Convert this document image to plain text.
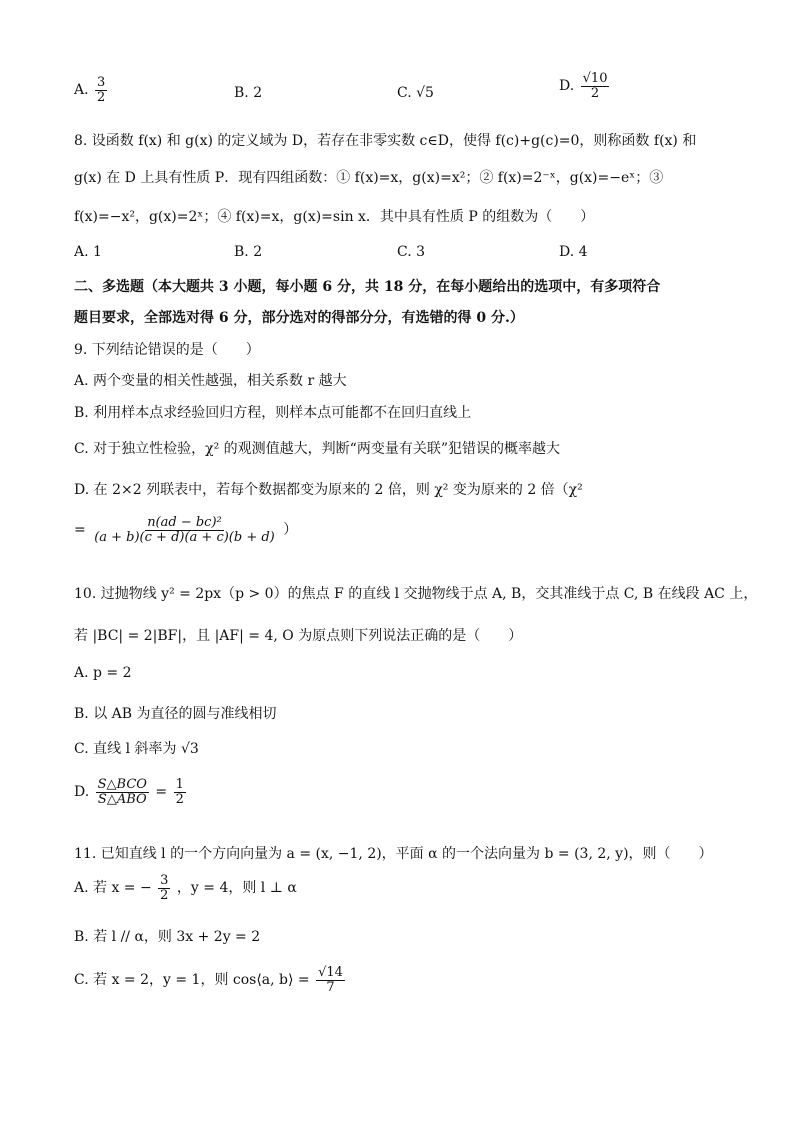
A. $\frac{3}{2}$	B. 2	C. √5	D. $\frac{√10}{2}$
8. 设函数 f(x) 和 g(x) 的定义域为 D，若存在非零实数 c∈D，使得 f(c)+g(c)=0，则称函数 f(x) 和
g(x) 在 D 上具有性质 P．现有四组函数：① f(x)=x，g(x)=x²；② f(x)=2⁻ˣ，g(x)=−eˣ；③
f(x)=−x²，g(x)=2ˣ；④ f(x)=x，g(x)=sin x．其中具有性质 P 的组数为（　　）
A. 1	B. 2	C. 3	D. 4
二、多选题（本大题共 3 小题，每小题 6 分，共 18 分，在每小题给出的选项中，有多项符合
题目要求，全部选对得 6 分，部分选对的得部分分，有选错的得 0 分.）
9. 下列结论错误的是（　　）
A. 两个变量的相关性越强，相关系数 r 越大
B. 利用样本点求经验回归方程，则样本点可能都不在回归直线上
C. 对于独立性检验，χ² 的观测值越大，判断“两变量有关联”犯错误的概率越大
D. 在 2×2 列联表中，若每个数据都变为原来的 2 倍，则 χ² 变为原来的 2 倍（χ²
= $\frac{\text{n(ad − bc)²}}{(a + b)(c + d)(a + c)(b + d)}$ ）
10. 过抛物线 y² = 2px（p > 0）的焦点 F 的直线 l 交抛物线于点 A, B，交其准线于点 C, B 在线段 AC 上，
若 |BC| = 2|BF|，且 |AF| = 4, O 为原点则下列说法正确的是（　　）
A. p = 2
B. 以 AB 为直径的圆与准线相切
C. 直线 l 斜率为 √3
D. $\frac{\text{S△BCO}}{\text{S△ABO}} = \frac{1}{2}$
11. 已知直线 l 的一个方向向量为 a = (x, −1, 2)，平面 α 的一个法向量为 b = (3, 2, y)，则（　　）
A. 若 x = − $\frac{3}{2}$ ，y = 4，则 l ⊥ α
B. 若 l // α，则 3x + 2y = 2
C. 若 x = 2，y = 1，则 cos⟨a, b⟩ = $\frac{√14}{7}$
